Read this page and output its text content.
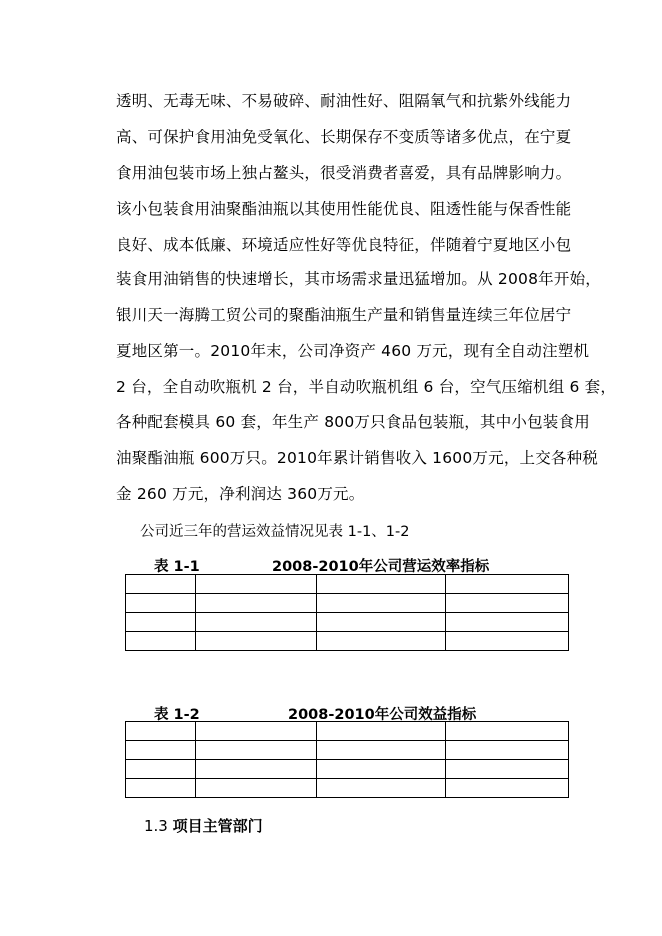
透明、无毒无味、不易破碎、耐油性好、阻隔氧气和抗紫外线能力
高、可保护食用油免受氧化、长期保存不变质等诸多优点，在宁夏
食用油包装市场上独占鳌头，很受消费者喜爱，具有品牌影响力。
该小包装食用油聚酯油瓶以其使用性能优良、阻透性能与保香性能
良好、成本低廉、环境适应性好等优良特征，伴随着宁夏地区小包
装食用油销售的快速增长，其市场需求量迅猛增加。从 2008年开始，
银川天一海腾工贸公司的聚酯油瓶生产量和销售量连续三年位居宁
夏地区第一。2010年末，公司净资产 460 万元，现有全自动注塑机
2 台，全自动吹瓶机 2 台，半自动吹瓶机组 6 台，空气压缩机组 6 套，
各种配套模具 60 套，年生产 800万只食品包装瓶，其中小包装食用
油聚酯油瓶 600万只。2010年累计销售收入 1600万元，上交各种税
金 260 万元，净利润达 360万元。
公司近三年的营运效益情况见表 1-1、1-2
表 1-1	2008-2010年公司营运效率指标

表 1-2	2008-2010年公司效益指标

1.3 项目主管部门
